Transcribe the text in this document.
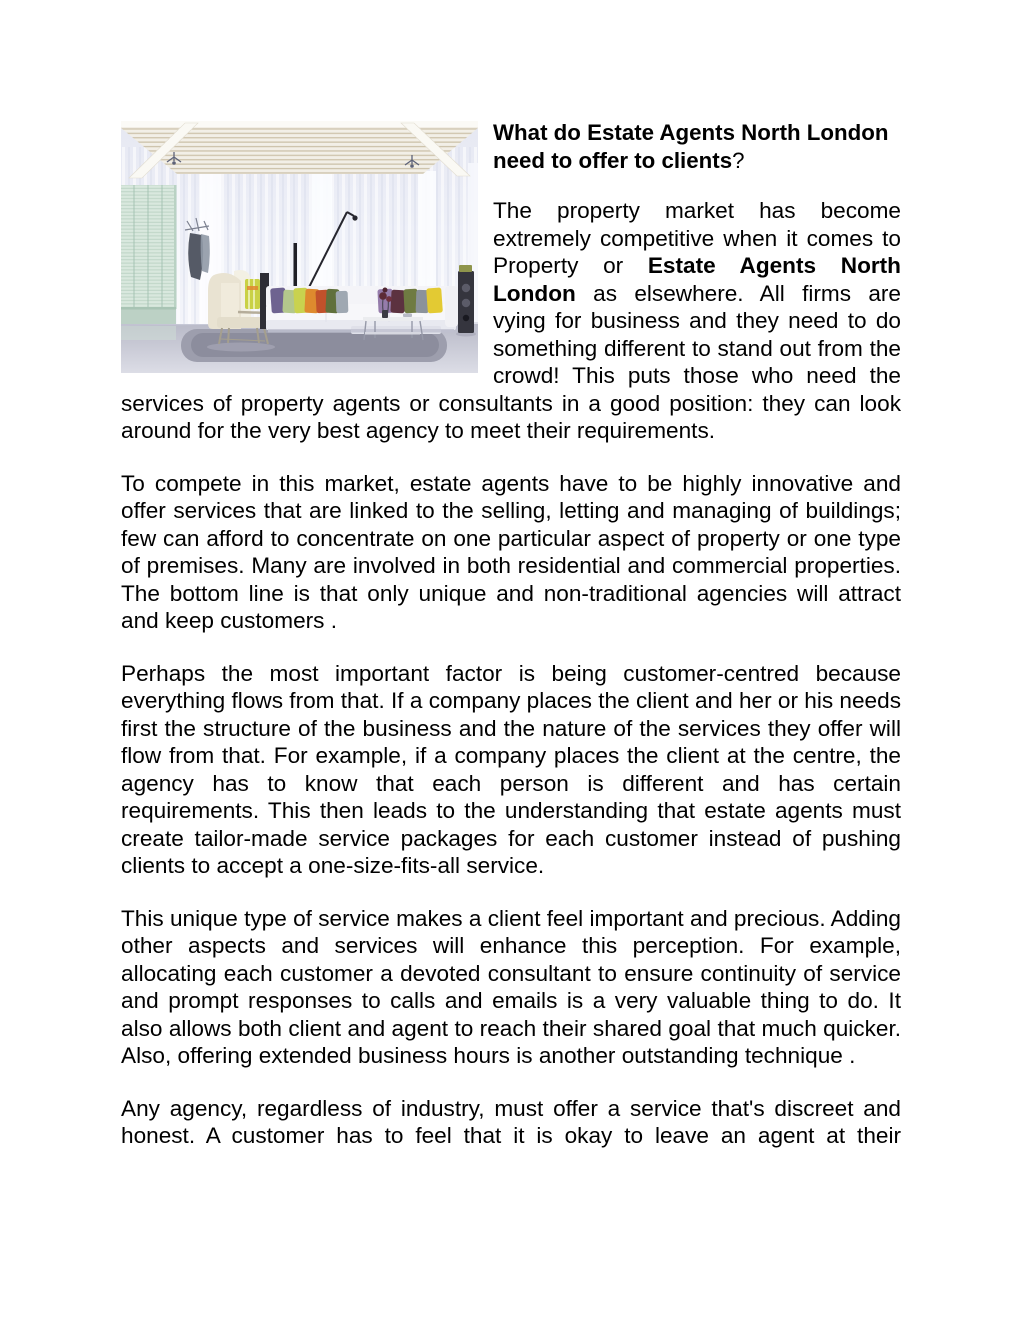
What do Estate Agents North London need to offer to clients?

The property market has become extremely competitive when it comes to Property or Estate Agents North London as elsewhere. All firms are vying for business and they need to do something different to stand out from the crowd! This puts those who need the services of property agents or consultants in a good position: they can look around for the very best agency to meet their requirements.

To compete in this market, estate agents have to be highly innovative and offer services that are linked to the selling, letting and managing of buildings; few can afford to concentrate on one particular aspect of property or one type of premises. Many are involved in both residential and commercial properties. The bottom line is that only unique and non-traditional agencies will attract and keep customers .

Perhaps the most important factor is being customer-centred because everything flows from that. If a company places the client and her or his needs first the structure of the business and the nature of the services they offer will flow from that. For example, if a company places the client at the centre, the agency has to know that each person is different and has certain requirements. This then leads to the understanding that estate agents must create tailor-made service packages for each customer instead of pushing clients to accept a one-size-fits-all service.

This unique type of service makes a client feel important and precious. Adding other aspects and services will enhance this perception. For example, allocating each customer a devoted consultant to ensure continuity of service and prompt responses to calls and emails is a very valuable thing to do. It also allows both client and agent to reach their shared goal that much quicker. Also, offering extended business hours is another outstanding technique .

Any agency, regardless of industry, must offer a service that's discreet and honest. A customer has to feel that it is okay to leave an agent at their
